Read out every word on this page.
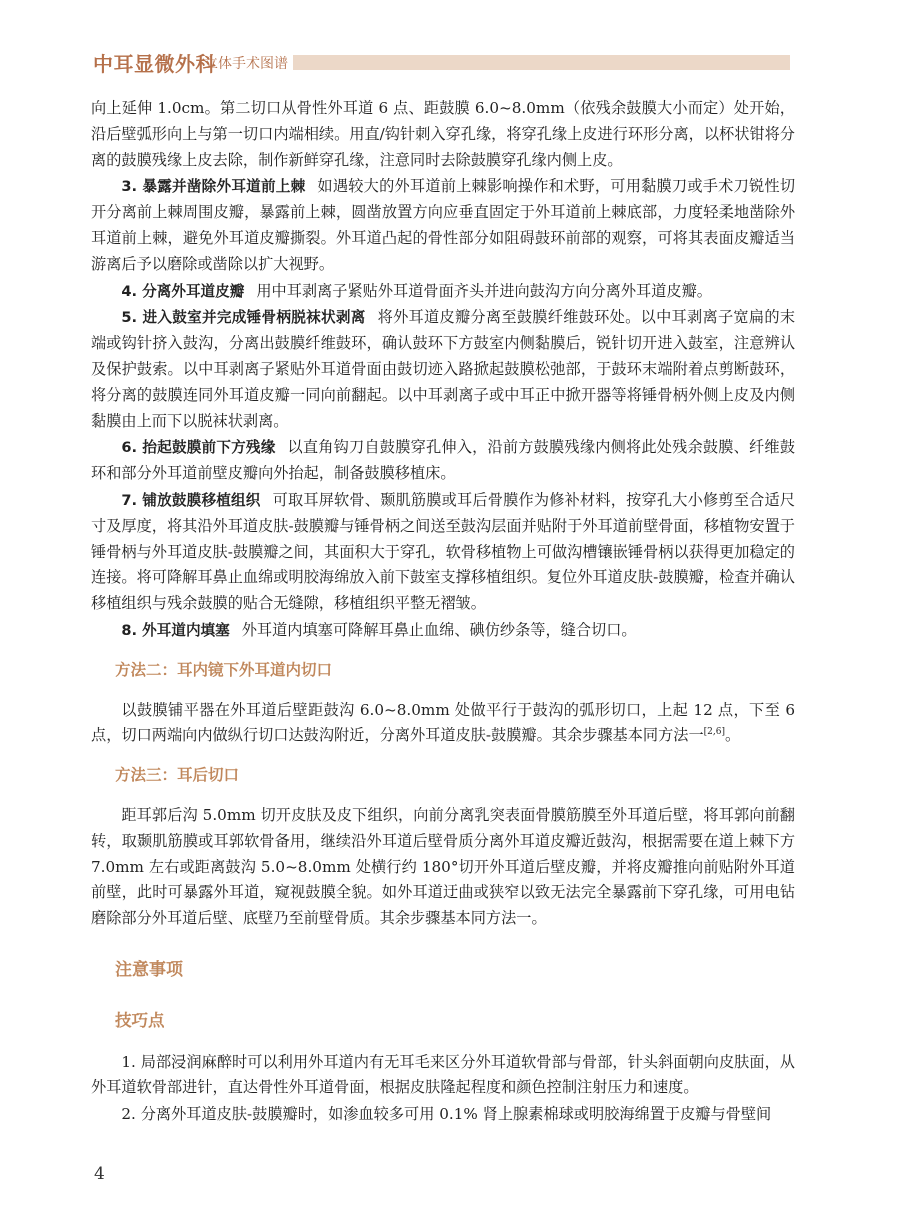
中耳显微外科
立体手术图谱

向上延伸 1.0cm。第二切口从骨性外耳道 6 点、距鼓膜 6.0~8.0mm（依残余鼓膜大小而定）处开始，沿后壁弧形向上与第一切口内端相续。用直/钩针刺入穿孔缘，将穿孔缘上皮进行环形分离，以杯状钳将分离的鼓膜残缘上皮去除，制作新鲜穿孔缘，注意同时去除鼓膜穿孔缘内侧上皮。

3. 暴露并凿除外耳道前上棘 如遇较大的外耳道前上棘影响操作和术野，可用黏膜刀或手术刀锐性切开分离前上棘周围皮瓣，暴露前上棘，圆凿放置方向应垂直固定于外耳道前上棘底部，力度轻柔地凿除外耳道前上棘，避免外耳道皮瓣撕裂。外耳道凸起的骨性部分如阻碍鼓环前部的观察，可将其表面皮瓣适当游离后予以磨除或凿除以扩大视野。

4. 分离外耳道皮瓣 用中耳剥离子紧贴外耳道骨面齐头并进向鼓沟方向分离外耳道皮瓣。

5. 进入鼓室并完成锤骨柄脱袜状剥离 将外耳道皮瓣分离至鼓膜纤维鼓环处。以中耳剥离子宽扁的末端或钩针挤入鼓沟，分离出鼓膜纤维鼓环，确认鼓环下方鼓室内侧黏膜后，锐针切开进入鼓室，注意辨认及保护鼓索。以中耳剥离子紧贴外耳道骨面由鼓切迹入路掀起鼓膜松弛部，于鼓环末端附着点剪断鼓环，将分离的鼓膜连同外耳道皮瓣一同向前翻起。以中耳剥离子或中耳正中掀开器等将锤骨柄外侧上皮及内侧黏膜由上而下以脱袜状剥离。

6. 抬起鼓膜前下方残缘 以直角钩刀自鼓膜穿孔伸入，沿前方鼓膜残缘内侧将此处残余鼓膜、纤维鼓环和部分外耳道前壁皮瓣向外抬起，制备鼓膜移植床。

7. 铺放鼓膜移植组织 可取耳屏软骨、颞肌筋膜或耳后骨膜作为修补材料，按穿孔大小修剪至合适尺寸及厚度，将其沿外耳道皮肤-鼓膜瓣与锤骨柄之间送至鼓沟层面并贴附于外耳道前壁骨面，移植物安置于锤骨柄与外耳道皮肤-鼓膜瓣之间，其面积大于穿孔，软骨移植物上可做沟槽镶嵌锤骨柄以获得更加稳定的连接。将可降解耳鼻止血绵或明胶海绵放入前下鼓室支撑移植组织。复位外耳道皮肤-鼓膜瓣，检查并确认移植组织与残余鼓膜的贴合无缝隙，移植组织平整无褶皱。

8. 外耳道内填塞 外耳道内填塞可降解耳鼻止血绵、碘仿纱条等，缝合切口。

方法二：耳内镜下外耳道内切口

以鼓膜铺平器在外耳道后壁距鼓沟 6.0~8.0mm 处做平行于鼓沟的弧形切口，上起 12 点，下至 6 点，切口两端向内做纵行切口达鼓沟附近，分离外耳道皮肤-鼓膜瓣。其余步骤基本同方法一[2,6]。

方法三：耳后切口

距耳郭后沟 5.0mm 切开皮肤及皮下组织，向前分离乳突表面骨膜筋膜至外耳道后壁，将耳郭向前翻转，取颞肌筋膜或耳郭软骨备用，继续沿外耳道后壁骨质分离外耳道皮瓣近鼓沟，根据需要在道上棘下方 7.0mm 左右或距离鼓沟 5.0~8.0mm 处横行约 180°切开外耳道后壁皮瓣，并将皮瓣推向前贴附外耳道前壁，此时可暴露外耳道，窥视鼓膜全貌。如外耳道迂曲或狭窄以致无法完全暴露前下穿孔缘，可用电钻磨除部分外耳道后壁、底壁乃至前壁骨质。其余步骤基本同方法一。

注意事项
技巧点

1. 局部浸润麻醉时可以利用外耳道内有无耳毛来区分外耳道软骨部与骨部，针头斜面朝向皮肤面，从外耳道软骨部进针，直达骨性外耳道骨面，根据皮肤隆起程度和颜色控制注射压力和速度。

2. 分离外耳道皮肤-鼓膜瓣时，如渗血较多可用 0.1% 肾上腺素棉球或明胶海绵置于皮瓣与骨壁间

4
